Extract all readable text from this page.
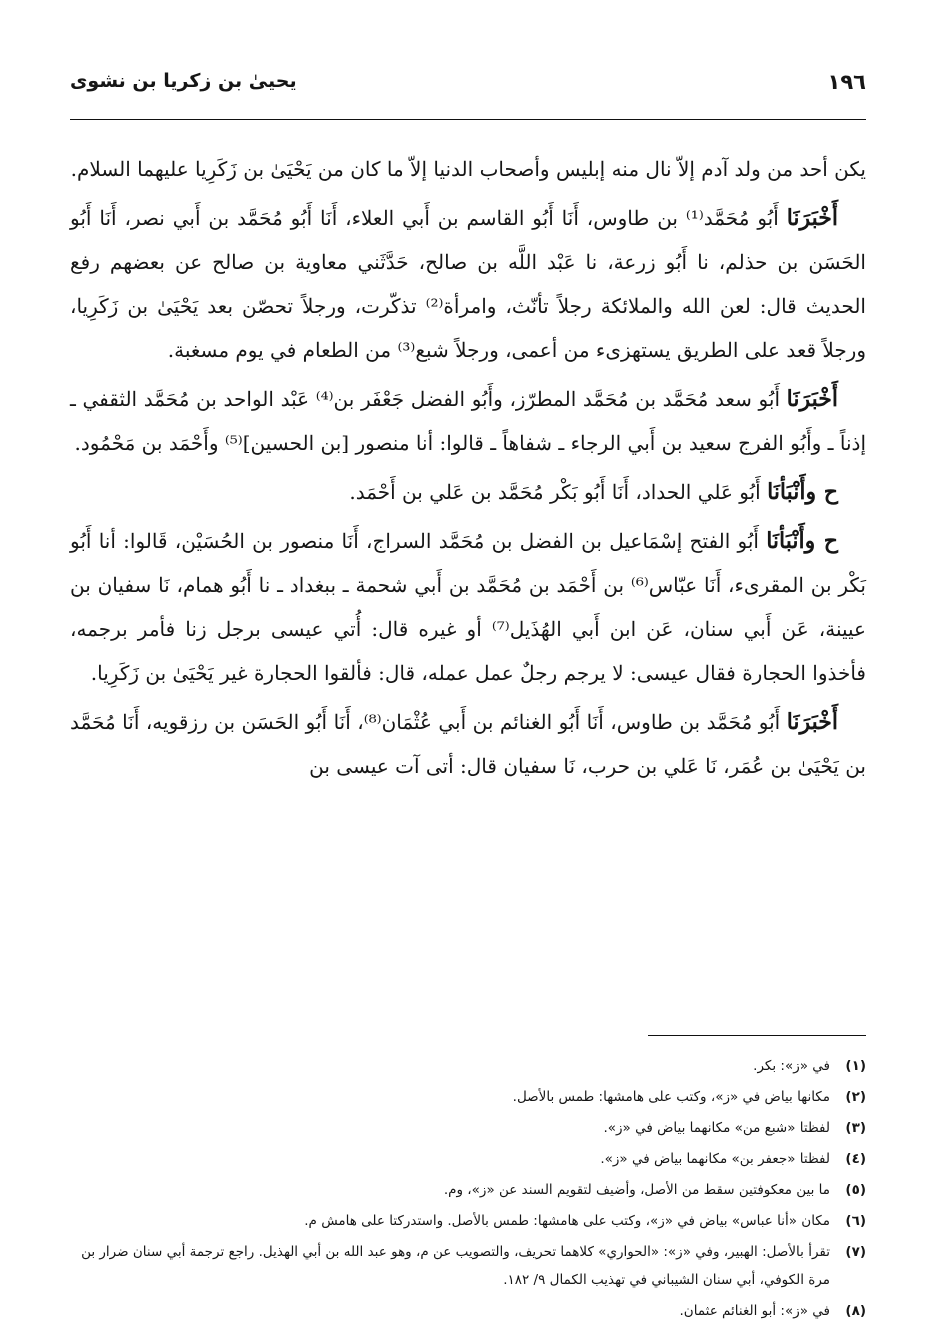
١٩٦
يحيىٰ بن زكريا بن نشوى

يكن أحد من ولد آدم إلاّ نال منه إبليس وأصحاب الدنيا إلاّ ما كان من يَحْيَىٰ بن زَكَرِيا عليهما السلام.

أَخْبَرَنَا أَبُو مُحَمَّد⁽¹⁾ بن طاوس، أَنَا أَبُو القاسم بن أَبي العلاء، أَنَا أَبُو مُحَمَّد بن أَبي نصر، أَنَا أَبُو الحَسَن بن حذلم، نا أَبُو زرعة، نا عَبْد اللَّه بن صالح، حَدَّثَني معاوية بن صالح عن بعضهم رفع الحديث قال: لعن الله والملائكة رجلاً تأنّث، وامرأة⁽²⁾ تذكّرت، ورجلاً تحصّن بعد يَحْيَىٰ بن زَكَرِيا، ورجلاً قعد على الطريق يستهزىء من أعمى، ورجلاً شبع⁽³⁾ من الطعام في يوم مسغبة.

أَخْبَرَنَا أَبُو سعد مُحَمَّد بن مُحَمَّد المطرّز، وأَبُو الفضل جَعْفَر بن⁽⁴⁾ عَبْد الواحد بن مُحَمَّد الثقفي ـ إذناً ـ وأَبُو الفرج سعيد بن أَبي الرجاء ـ شفاهاً ـ قالوا: أنا منصور [بن الحسين]⁽⁵⁾ وأَحْمَد بن مَحْمُود.

ح وأَنْبَأنَا أَبُو عَلي الحداد، أَنَا أَبُو بَكْر مُحَمَّد بن عَلي بن أَحْمَد.

ح وأَنْبَأنَا أَبُو الفتح إسْمَاعيل بن الفضل بن مُحَمَّد السراج، أَنَا منصور بن الحُسَيْن، قَالوا: أنا أَبُو بَكْر بن المقرىء، أَنَا عبّاس⁽⁶⁾ بن أَحْمَد بن مُحَمَّد بن أَبي شحمة ـ ببغداد ـ نا أَبُو همام، نَا سفيان بن عيينة، عَن أَبي سنان، عَن ابن أَبي الهُذَيل⁽⁷⁾ أو غيره قال: أُتي عيسى برجل زنا فأمر برجمه، فأخذوا الحجارة فقال عيسى: لا يرجم رجلٌ عمل عمله، قال: فألقوا الحجارة غير يَحْيَىٰ بن زَكَرِيا.

أَخْبَرَنَا أَبُو مُحَمَّد بن طاوس، أَنَا أَبُو الغنائم بن أَبي عُثْمَان⁽⁸⁾، أَنَا أَبُو الحَسَن بن رزقويه، أَنَا مُحَمَّد بن يَحْيَىٰ بن عُمَر، نَا عَلي بن حرب، نَا سفيان قال: أتى آت عيسى بن

(١)
في «ز»: بكر.
(٢)
مكانها بياض في «ز»، وكتب على هامشها: طمس بالأصل.
(٣)
لفظتا «شبع من» مكانهما بياض في «ز».
(٤)
لفظتا «جعفر بن» مكانهما بياض في «ز».
(٥)
ما بين معكوفتين سقط من الأصل، وأضيف لتقويم السند عن «ز»، وم.
(٦)
مكان «أنا عباس» بياض في «ز»، وكتب على هامشها: طمس بالأصل. واستدركتا على هامش م.
(٧)
تقرأ بالأصل: الهبير، وفي «ز»: «الحواري» كلاهما تحريف، والتصويب عن م، وهو عبد الله بن أبي الهذيل. راجع ترجمة أبي سنان ضرار بن مرة الكوفي، أبي سنان الشيباني في تهذيب الكمال ٩/ ١٨٢.
(٨)
في «ز»: أبو الغنائم عثمان.
